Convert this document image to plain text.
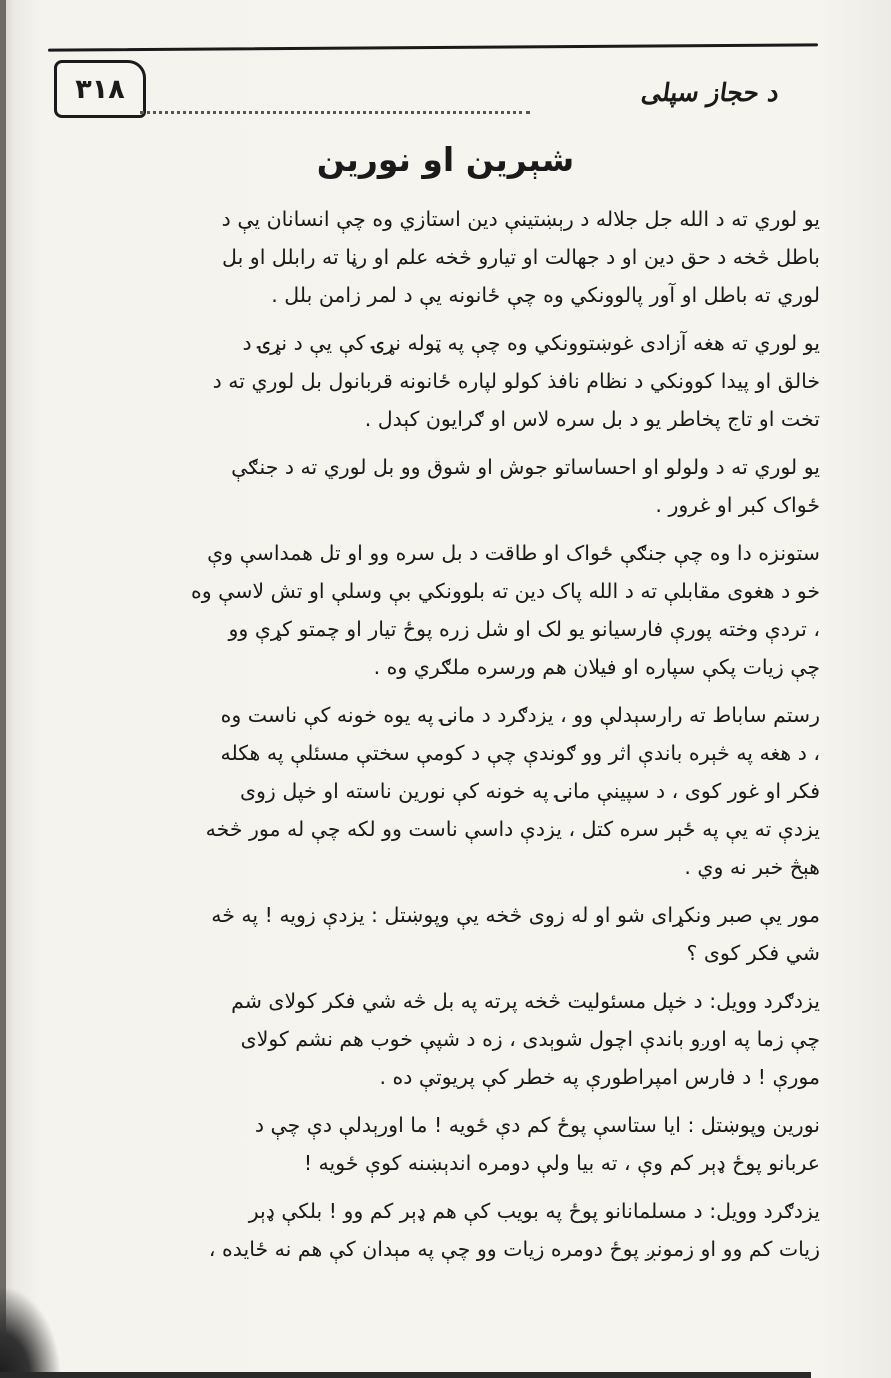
۳۱۸	د حجاز سپلی
شېرين او نورين

یو لوري ته د الله جل جلاله د رېښتینې دین استازي وه چې انسانان یې د
باطل څخه د حق دین او د جهالت او تیارو څخه علم او رڼا ته رابلل او بل
لوري ته باطل او آور پالوونکي وه چې ځانونه یې د لمر زامن بلل .

یو لوري ته هغه آزادی غوښتوونکي وه چې په ټوله نړۍ کې یې د نړۍ د
خالق او پیدا کوونکي د نظام نافذ کولو لپاره ځانونه قربانول بل لوري ته د
تخت او تاج پخاطر یو د بل سره لاس او ګرایون کېدل .

یو لوري ته د ولولو او احساساتو جوش او شوق وو بل لوري ته د جنګې
ځواک کبر او غرور .

ستونزه دا وه چې جنګې ځواک او طاقت د بل سره وو او تل همداسې وې
خو د هغوی مقابلې ته د الله پاک دین ته بلوونکي بې وسلې او تش لاسې وه
، تردې وخته پورې فارسیانو یو لک او شل زره پوځ تیار او چمتو کړې وو
چې زیات پکې سپاره او فیلان هم ورسره ملګري وه .

رستم ساباط ته رارسېدلې وو ، یزدګرد د مانۍ په یوه خونه کې ناست وه
، د هغه په څېره باندې اثر وو ګوندې چې د کومې سختې مسئلې په هکله
فکر او غور کوی ، د سپینې مانۍ په خونه کې نورین ناسته او خپل زوی
یزدې ته یې په ځېر سره کتل ، یزدې داسې ناست وو لکه چې له مور څخه
هېڅ خبر نه وي .

مور یې صبر ونکړای شو او له زوی څخه یې وپوښتل : یزدې زویه ! په څه
شي فکر کوی ؟

یزدګرد وویل: د خپل مسئولیت څخه پرته په بل څه شي فکر کولای شم
چې زما په اوږو باندې اچول شوېدی ، زه د شپې خوب هم نشم کولای
مورې ! د فارس امپراطورې په خطر کې پریوتې ده .

نورین وپوښتل : ایا ستاسې پوځ کم دې ځویه ! ما اورېدلې دې چې د
عربانو پوځ ډېر کم وې ، ته بیا ولې دومره اندېښنه کوې ځویه !

یزدګرد وویل: د مسلمانانو پوځ په بویب کې هم ډېر کم وو ! بلکې ډېر
زیات کم وو او زمونږ پوځ دومره زیات وو چې په مېدان کې هم نه ځایده ،
